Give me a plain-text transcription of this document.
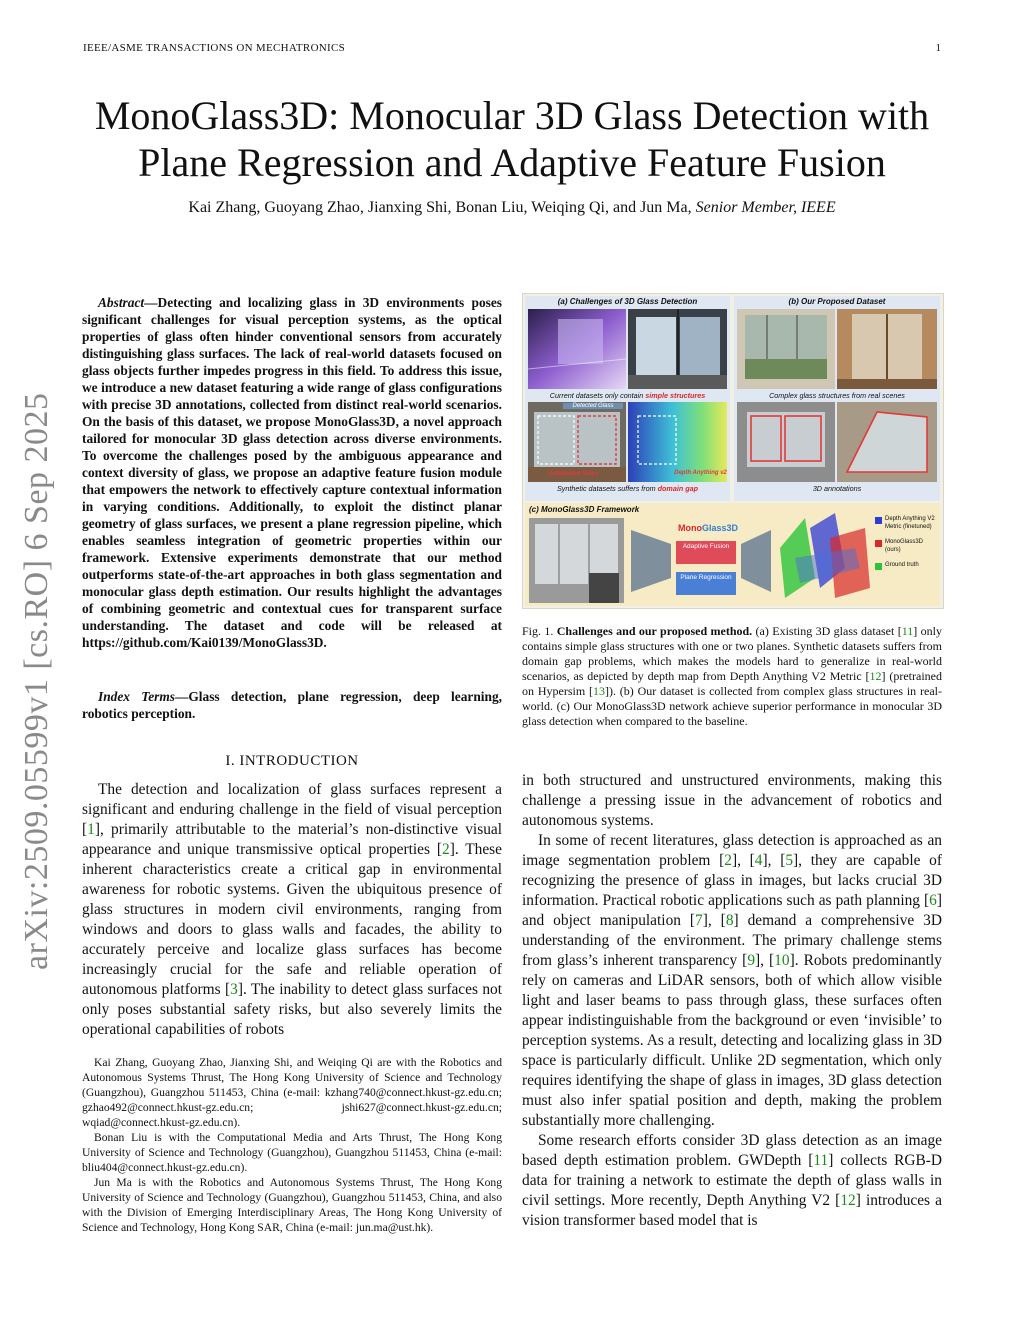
IEEE/ASME TRANSACTIONS ON MECHATRONICS	1
MonoGlass3D: Monocular 3D Glass Detection with
Plane Regression and Adaptive Feature Fusion
Kai Zhang, Guoyang Zhao, Jianxing Shi, Bonan Liu, Weiqing Qi, and Jun Ma, Senior Member, IEEE
arXiv:2509.05599v1 [cs.RO] 6 Sep 2025
Abstract—Detecting and localizing glass in 3D environments poses significant challenges for visual perception systems, as the optical properties of glass often hinder conventional sensors from accurately distinguishing glass surfaces. The lack of real-world datasets focused on glass objects further impedes progress in this field. To address this issue, we introduce a new dataset featuring a wide range of glass configurations with precise 3D annotations, collected from distinct real-world scenarios. On the basis of this dataset, we propose MonoGlass3D, a novel approach tailored for monocular 3D glass detection across diverse environments. To overcome the challenges posed by the ambiguous appearance and context diversity of glass, we propose an adaptive feature fusion module that empowers the network to effectively capture contextual information in varying conditions. Additionally, to exploit the distinct planar geometry of glass surfaces, we present a plane regression pipeline, which enables seamless integration of geometric properties within our framework. Extensive experiments demonstrate that our method outperforms state-of-the-art approaches in both glass segmentation and monocular glass depth estimation. Our results highlight the advantages of combining geometric and contextual cues for transparent surface understanding. The dataset and code will be released at https://github.com/Kai0139/MonoGlass3D.
Index Terms—Glass detection, plane regression, deep learning, robotics perception.
I. INTRODUCTION

The detection and localization of glass surfaces represent a significant and enduring challenge in the field of visual perception [1], primarily attributable to the material’s non-distinctive visual appearance and unique transmissive optical properties [2]. These inherent characteristics create a critical gap in environmental awareness for robotic systems. Given the ubiquitous presence of glass structures in modern civil environments, ranging from windows and doors to glass walls and facades, the ability to accurately perceive and localize glass surfaces has become increasingly crucial for the safe and reliable operation of autonomous platforms [3]. The inability to detect glass surfaces not only poses substantial safety risks, but also severely limits the operational capabilities of robots

Kai Zhang, Guoyang Zhao, Jianxing Shi, and Weiqing Qi are with the Robotics and Autonomous Systems Thrust, The Hong Kong University of Science and Technology (Guangzhou), Guangzhou 511453, China (e-mail: kzhang740@connect.hkust-gz.edu.cn; gzhao492@connect.hkust-gz.edu.cn; jshi627@connect.hkust-gz.edu.cn; wqiad@connect.hkust-gz.edu.cn).

Bonan Liu is with the Computational Media and Arts Thrust, The Hong Kong University of Science and Technology (Guangzhou), Guangzhou 511453, China (e-mail: bliu404@connect.hkust-gz.edu.cn).

Jun Ma is with the Robotics and Autonomous Systems Thrust, The Hong Kong University of Science and Technology (Guangzhou), Guangzhou 511453, China, and also with the Division of Emerging Interdisciplinary Areas, The Hong Kong University of Science and Technology, Hong Kong SAR, China (e-mail: jun.ma@ust.hk).

(a) Challenges of 3D Glass Detection	(b) Our Proposed Dataset
Current datasets only contain simple structures
Detected Glass
Undetected Glass	Depth Anything v2
Synthetic datasets suffers from domain gap
Complex glass structures from real scenes
3D annotations
(c) MonoGlass3D Framework
MonoGlass3D
Adaptive Fusion
Plane Regression
Depth Anything V2 Metric (finetuned)
MonoGlass3D (ours)
Ground truth
Fig. 1. Challenges and our proposed method. (a) Existing 3D glass dataset [11] only contains simple glass structures with one or two planes. Synthetic datasets suffers from domain gap problems, which makes the models hard to generalize in real-world scenarios, as depicted by depth map from Depth Anything V2 Metric [12] (pretrained on Hypersim [13]). (b) Our dataset is collected from complex glass structures in real-world. (c) Our MonoGlass3D network achieve superior performance in monocular 3D glass detection when compared to the baseline.

in both structured and unstructured environments, making this challenge a pressing issue in the advancement of robotics and autonomous systems.

In some of recent literatures, glass detection is approached as an image segmentation problem [2], [4], [5], they are capable of recognizing the presence of glass in images, but lacks crucial 3D information. Practical robotic applications such as path planning [6] and object manipulation [7], [8] demand a comprehensive 3D understanding of the environment. The primary challenge stems from glass’s inherent transparency [9], [10]. Robots predominantly rely on cameras and LiDAR sensors, both of which allow visible light and laser beams to pass through glass, these surfaces often appear indistinguishable from the background or even ‘invisible’ to perception systems. As a result, detecting and localizing glass in 3D space is particularly difficult. Unlike 2D segmentation, which only requires identifying the shape of glass in images, 3D glass detection must also infer spatial position and depth, making the problem substantially more challenging.

Some research efforts consider 3D glass detection as an image based depth estimation problem. GWDepth [11] collects RGB-D data for training a network to estimate the depth of glass walls in civil settings. More recently, Depth Anything V2 [12] introduces a vision transformer based model that is
